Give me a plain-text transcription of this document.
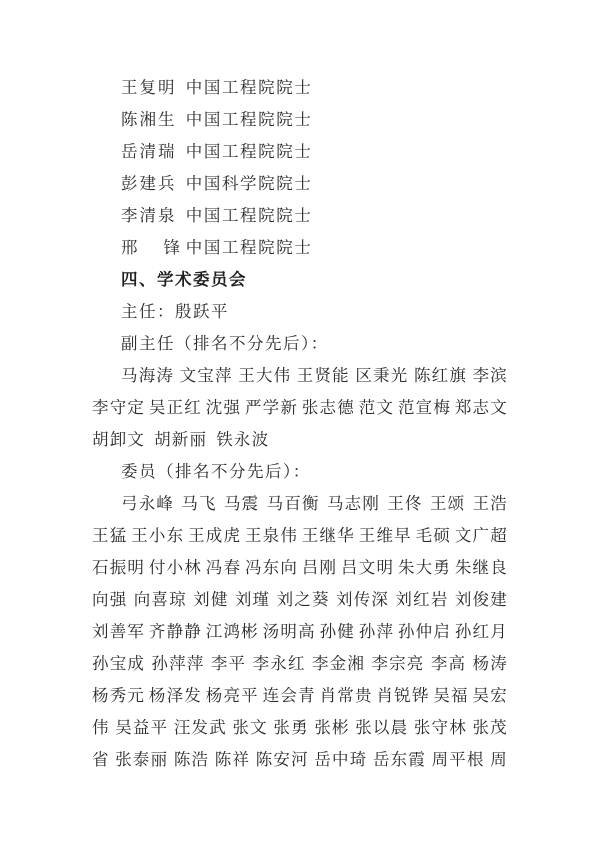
王复明 中国工程院院士
陈湘生 中国工程院院士
岳清瑞 中国工程院院士
彭建兵 中国科学院院士
李清泉 中国工程院院士
邢 锋 中国工程院院士
四、学术委员会
主任：殷跃平
副主任（排名不分先后）：
马海涛 文宝萍 王大伟 王贤能 区秉光 陈红旗 李滨
李守定 吴正红 沈强 严学新 张志德 范文 范宣梅 郑志文
胡卸文 胡新丽 铁永波
委员（排名不分先后）：
弓永峰 马飞 马震 马百衡 马志刚 王佟 王颂 王浩
王猛 王小东 王成虎 王泉伟 王继华 王维早 毛硕 文广超
石振明 付小林 冯春 冯东向 吕刚 吕文明 朱大勇 朱继良
向强 向喜琼 刘健 刘瑾 刘之葵 刘传深 刘红岩 刘俊建
刘善军 齐静静 江鸿彬 汤明高 孙健 孙萍 孙仲启 孙红月
孙宝成 孙萍萍 李平 李永红 李金湘 李宗亮 李高 杨涛
杨秀元 杨泽发 杨亮平 连会青 肖常贵 肖锐铧 吴福 吴宏
伟 吴益平 汪发武 张文 张勇 张彬 张以晨 张守林 张茂
省 张泰丽 陈浩 陈祥 陈安河 岳中琦 岳东霞 周平根 周
